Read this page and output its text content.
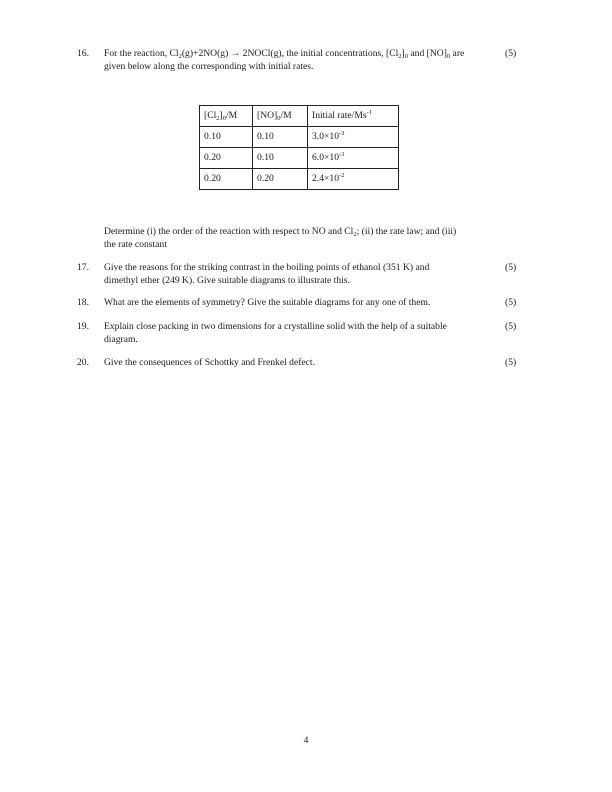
16. For the reaction, $Cl_2(g)+2NO(g)$ → 2NOCl(g), the initial concentrations, $[Cl_2]_0$ and $[NO]_0$ are
given below along the corresponding with initial rates.
(5)
$[Cl_2]_0/M$	$[NO]_0/M$	Initial rate/$Ms^{-1}$
0.10	0.10	$3.0\times 10^{-3}$
0.20	0.10	$6.0\times 10^{-3}$
0.20	0.20	$2.4\times 10^{-2}$
Determine (i) the order of the reaction with respect to NO and $Cl_2$; (ii) the rate law; and (iii)
the rate constant
17. Give the reasons for the striking contrast in the boiling points of ethanol (351 K) and
dimethyl ether (249 K). Give suitable diagrams to illustrate this.
(5)
18. What are the elements of symmetry? Give the suitable diagrams for any one of them.	(5)
19. Explain close packing in two dimensions for a crystalline solid with the help of a suitable
diagram.
(5)
20. Give the consequences of Schottky and Frenkel defect.	(5)
4
